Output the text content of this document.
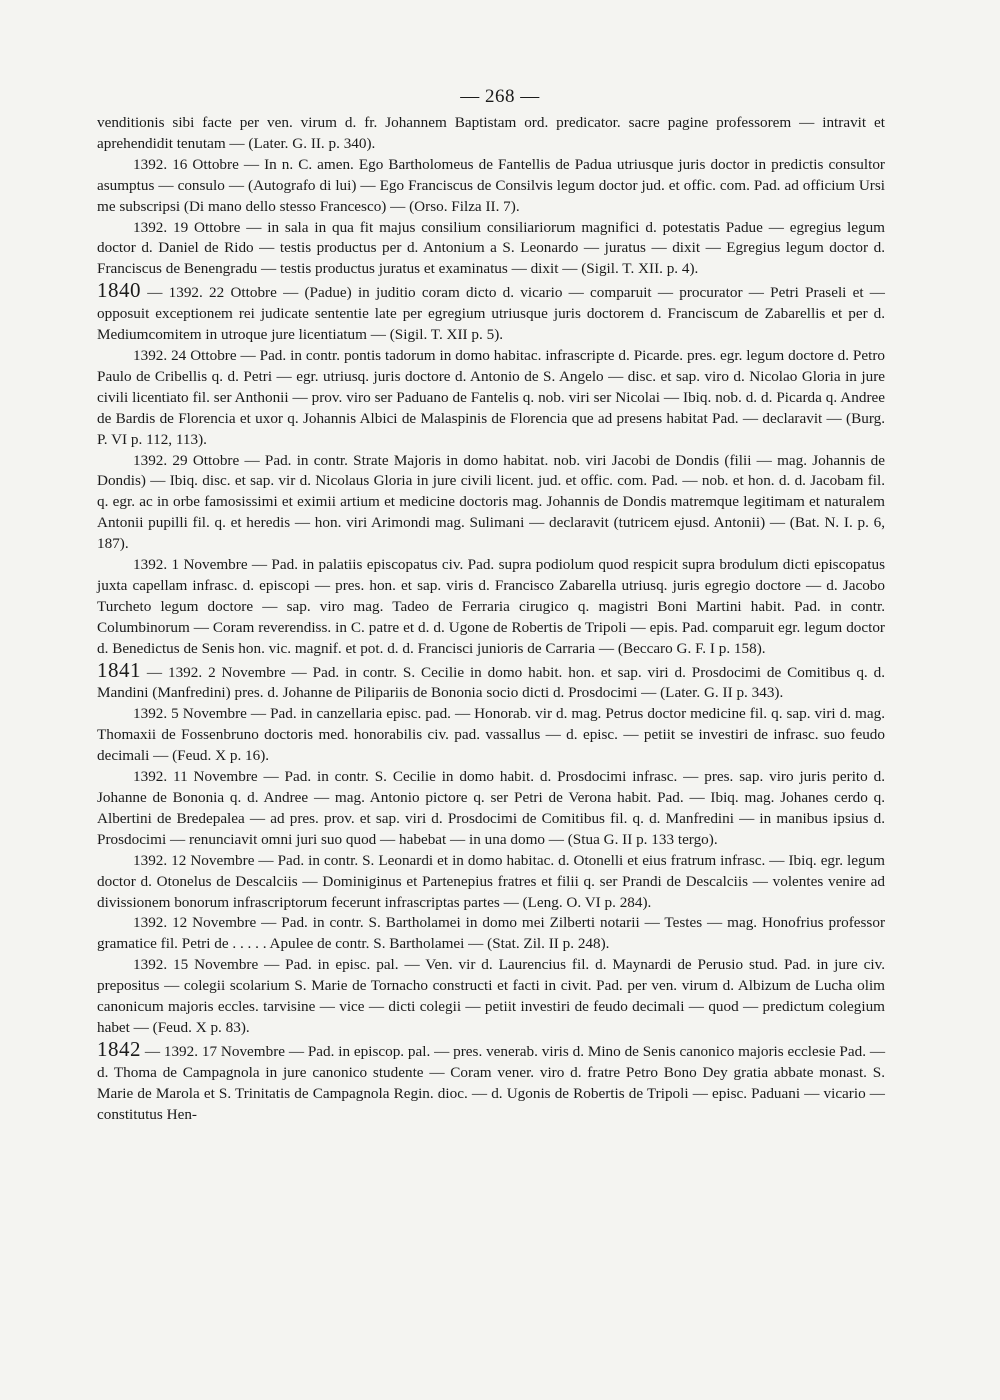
— 268 —

venditionis sibi facte per ven. virum d. fr. Johannem Baptistam ord. predicator. sacre pagine professorem — intravit et aprehendidit tenutam — (Later. G. II. p. 340).

1392. 16 Ottobre — In n. C. amen. Ego Bartholomeus de Fantellis de Padua utriusque juris doctor in predictis consultor asumptus — consulo — (Autografo di lui) — Ego Franciscus de Consilvis legum doctor jud. et offic. com. Pad. ad officium Ursi me subscripsi (Di mano dello stesso Francesco) — (Orso. Filza II. 7).

1392. 19 Ottobre — in sala in qua fit majus consilium consiliariorum magnifici d. potestatis Padue — egregius legum doctor d. Daniel de Rido — testis productus per d. Antonium a S. Leonardo — juratus — dixit — Egregius legum doctor d. Franciscus de Benengradu — testis productus juratus et examinatus — dixit — (Sigil. T. XII. p. 4).

1840 — 1392. 22 Ottobre — (Padue) in juditio coram dicto d. vicario — comparuit — procurator — Petri Praseli et — opposuit exceptionem rei judicate sententie late per egregium utriusque juris doctorem d. Franciscum de Zabarellis et per d. Mediumcomitem in utroque jure licentiatum — (Sigil. T. XII p. 5).

1392. 24 Ottobre — Pad. in contr. pontis tadorum in domo habitac. infrascripte d. Picarde. pres. egr. legum doctore d. Petro Paulo de Cribellis q. d. Petri — egr. utriusq. juris doctore d. Antonio de S. Angelo — disc. et sap. viro d. Nicolao Gloria in jure civili licentiato fil. ser Anthonii — prov. viro ser Paduano de Fantelis q. nob. viri ser Nicolai — Ibiq. nob. d. d. Picarda q. Andree de Bardis de Florencia et uxor q. Johannis Albici de Malaspinis de Florencia que ad presens habitat Pad. — declaravit — (Burg. P. VI p. 112, 113).

1392. 29 Ottobre — Pad. in contr. Strate Majoris in domo habitat. nob. viri Jacobi de Dondis (filii — mag. Johannis de Dondis) — Ibiq. disc. et sap. vir d. Nicolaus Gloria in jure civili licent. jud. et offic. com. Pad. — nob. et hon. d. d. Jacobam fil. q. egr. ac in orbe famosissimi et eximii artium et medicine doctoris mag. Johannis de Dondis matremque legitimam et naturalem Antonii pupilli fil. q. et heredis — hon. viri Arimondi mag. Sulimani — declaravit (tutricem ejusd. Antonii) — (Bat. N. I. p. 6, 187).

1392. 1 Novembre — Pad. in palatiis episcopatus civ. Pad. supra podiolum quod respicit supra brodulum dicti episcopatus juxta capellam infrasc. d. episcopi — pres. hon. et sap. viris d. Francisco Zabarella utriusq. juris egregio doctore — d. Jacobo Turcheto legum doctore — sap. viro mag. Tadeo de Ferraria cirugico q. magistri Boni Martini habit. Pad. in contr. Columbinorum — Coram reverendiss. in C. patre et d. d. Ugone de Robertis de Tripoli — epis. Pad. comparuit egr. legum doctor d. Benedictus de Senis hon. vic. magnif. et pot. d. d. Francisci junioris de Carraria — (Beccaro G. F. I p. 158).

1841 — 1392. 2 Novembre — Pad. in contr. S. Cecilie in domo habit. hon. et sap. viri d. Prosdocimi de Comitibus q. d. Mandini (Manfredini) pres. d. Johanne de Pilipariis de Bononia socio dicti d. Prosdocimi — (Later. G. II p. 343).

1392. 5 Novembre — Pad. in canzellaria episc. pad. — Honorab. vir d. mag. Petrus doctor medicine fil. q. sap. viri d. mag. Thomaxii de Fossenbruno doctoris med. honorabilis civ. pad. vassallus — d. episc. — petiit se investiri de infrasc. suo feudo decimali — (Feud. X p. 16).

1392. 11 Novembre — Pad. in contr. S. Cecilie in domo habit. d. Prosdocimi infrasc. — pres. sap. viro juris perito d. Johanne de Bononia q. d. Andree — mag. Antonio pictore q. ser Petri de Verona habit. Pad. — Ibiq. mag. Johanes cerdo q. Albertini de Bredepalea — ad pres. prov. et sap. viri d. Prosdocimi de Comitibus fil. q. d. Manfredini — in manibus ipsius d. Prosdocimi — renunciavit omni juri suo quod — habebat — in una domo — (Stua G. II p. 133 tergo).

1392. 12 Novembre — Pad. in contr. S. Leonardi et in domo habitac. d. Otonelli et eius fratrum infrasc. — Ibiq. egr. legum doctor d. Otonelus de Descalciis — Dominiginus et Partenepius fratres et filii q. ser Prandi de Descalciis — volentes venire ad divissionem bonorum infrascriptorum fecerunt infrascriptas partes — (Leng. O. VI p. 284).

1392. 12 Novembre — Pad. in contr. S. Bartholamei in domo mei Zilberti notarii — Testes — mag. Honofrius professor gramatice fil. Petri de . . . . . Apulee de contr. S. Bartholamei — (Stat. Zil. II p. 248).

1392. 15 Novembre — Pad. in episc. pal. — Ven. vir d. Laurencius fil. d. Maynardi de Perusio stud. Pad. in jure civ. prepositus — colegii scolarium S. Marie de Tornacho constructi et facti in civit. Pad. per ven. virum d. Albizum de Lucha olim canonicum majoris eccles. tarvisine — vice — dicti colegii — petiit investiri de feudo decimali — quod — predictum colegium habet — (Feud. X p. 83).

1842 — 1392. 17 Novembre — Pad. in episcop. pal. — pres. venerab. viris d. Mino de Senis canonico majoris ecclesie Pad. — d. Thoma de Campagnola in jure canonico studente — Coram vener. viro d. fratre Petro Bono Dey gratia abbate monast. S. Marie de Marola et S. Trinitatis de Campagnola Regin. dioc. — d. Ugonis de Robertis de Tripoli — episc. Paduani — vicario — constitutus Hen-
